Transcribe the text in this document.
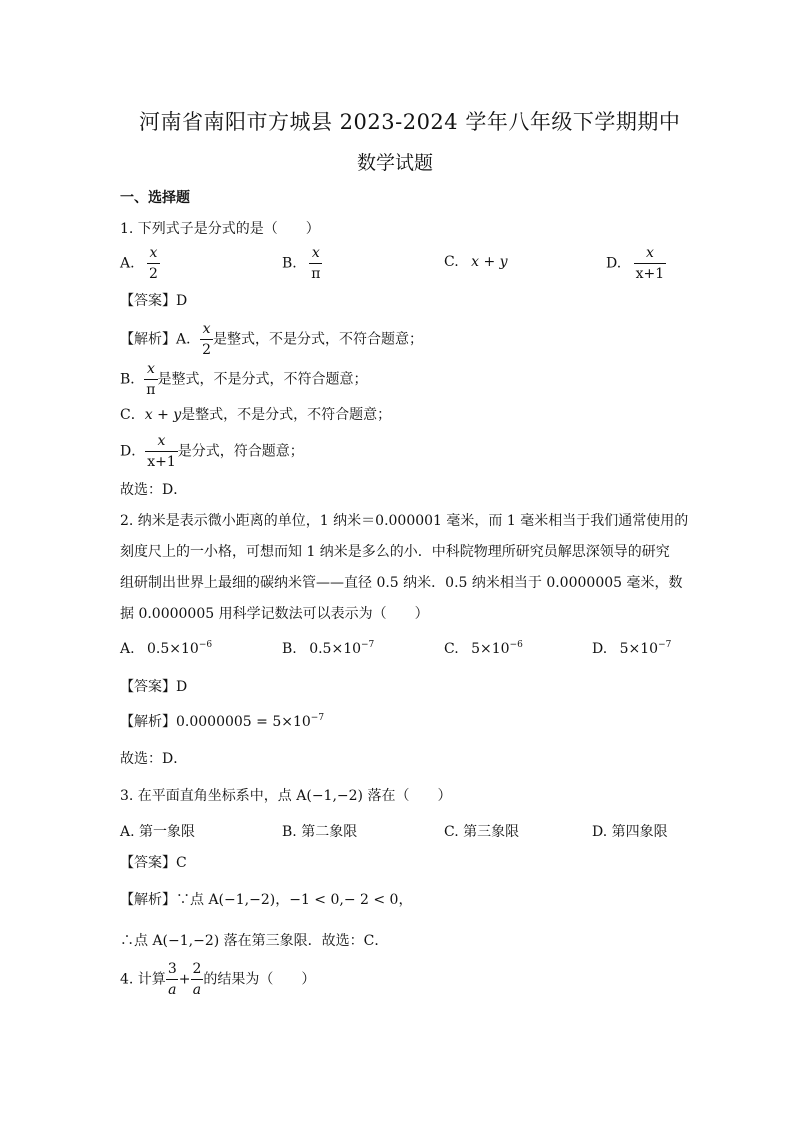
河南省南阳市方城县 2023-2024 学年八年级下学期期中
数学试题
一、选择题
1. 下列式子是分式的是（　　）
A. $\frac{x}{2}$	B. $\frac{x}{\pi}$	C. x + y	D. $\frac{x}{x+1}$
【答案】D
【解析】A． $\frac{x}{2}$ 是整式，不是分式，不符合题意；
B． $\frac{x}{\pi}$ 是整式，不是分式，不符合题意；
C．x + y是整式，不是分式，不符合题意；
D． $\frac{x}{x+1}$ 是分式，符合题意；
故选：D．
2. 纳米是表示微小距离的单位，1 纳米＝0.000001 毫米，而 1 毫米相当于我们通常使用的
刻度尺上的一小格，可想而知 1 纳米是多么的小．中科院物理所研究员解思深领导的研究
组研制出世界上最细的碳纳米管——直径 0.5 纳米．0.5 纳米相当于 0.0000005 毫米，数
据 0.0000005 用科学记数法可以表示为（　　）
A. $0.5\times 10^{-6}$	B. $0.5\times 10^{-7}$	C. $5\times 10^{-6}$	D. $5\times 10^{-7}$
【答案】D
【解析】$0.0000005 = 5\times 10^{-7}$
故选：D．
3. 在平面直角坐标系中，点 A(−1,−2) 落在（　　）
A. 第一象限	B. 第二象限	C. 第三象限	D. 第四象限
【答案】C
【解析】∵点 A(−1,−2)，−1 < 0,− 2 < 0，
∴点 A(−1,−2) 落在第三象限．故选：C．
4. 计算 $\frac{3}{a} + \frac{2}{a}$ 的结果为（　　）
